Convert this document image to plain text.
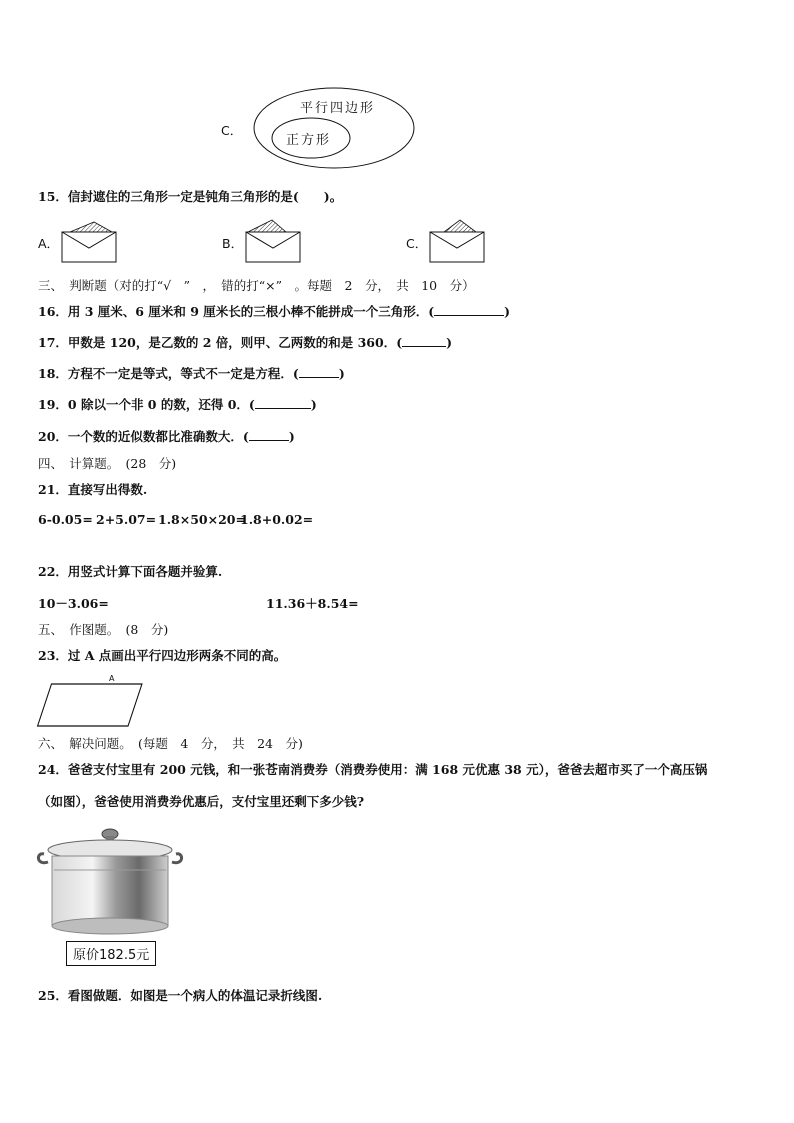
C．
平行四边形
正方形
15．信封遮住的三角形一定是钝角三角形的是(　　)。
A．	B．	C．
三、　判断题（对的打“√　”　，　错的打“×”　。每题　2　分，　共　10　分）
16．用 3 厘米、6 厘米和 9 厘米长的三根小棒不能拼成一个三角形．(	)
17．甲数是 120，是乙数的 2 倍，则甲、乙两数的和是 360．(	)
18．方程不一定是等式，等式不一定是方程．(	)
19．0 除以一个非 0 的数，还得 0．(	)
20．一个数的近似数都比准确数大．(	)
四、　计算题。　(28　分)
21．直接写出得数.
6-0.05= 2+5.07= 1.8×50×20=
1.8+0.02=
22．用竖式计算下面各题并验算.
10－3.06=	11.36＋8.54=
五、　作图题。　(8　分)
23．过 A 点画出平行四边形两条不同的高。
A
六、　解决问题。　(每题　4　分，　共　24　分)
24．爸爸支付宝里有 200 元钱，和一张苍南消费券（消费券使用：满 168 元优惠 38 元），爸爸去超市买了一个高压锅
（如图），爸爸使用消费券优惠后，支付宝里还剩下多少钱?
原价182.5元
25．看图做题．如图是一个病人的体温记录折线图.
